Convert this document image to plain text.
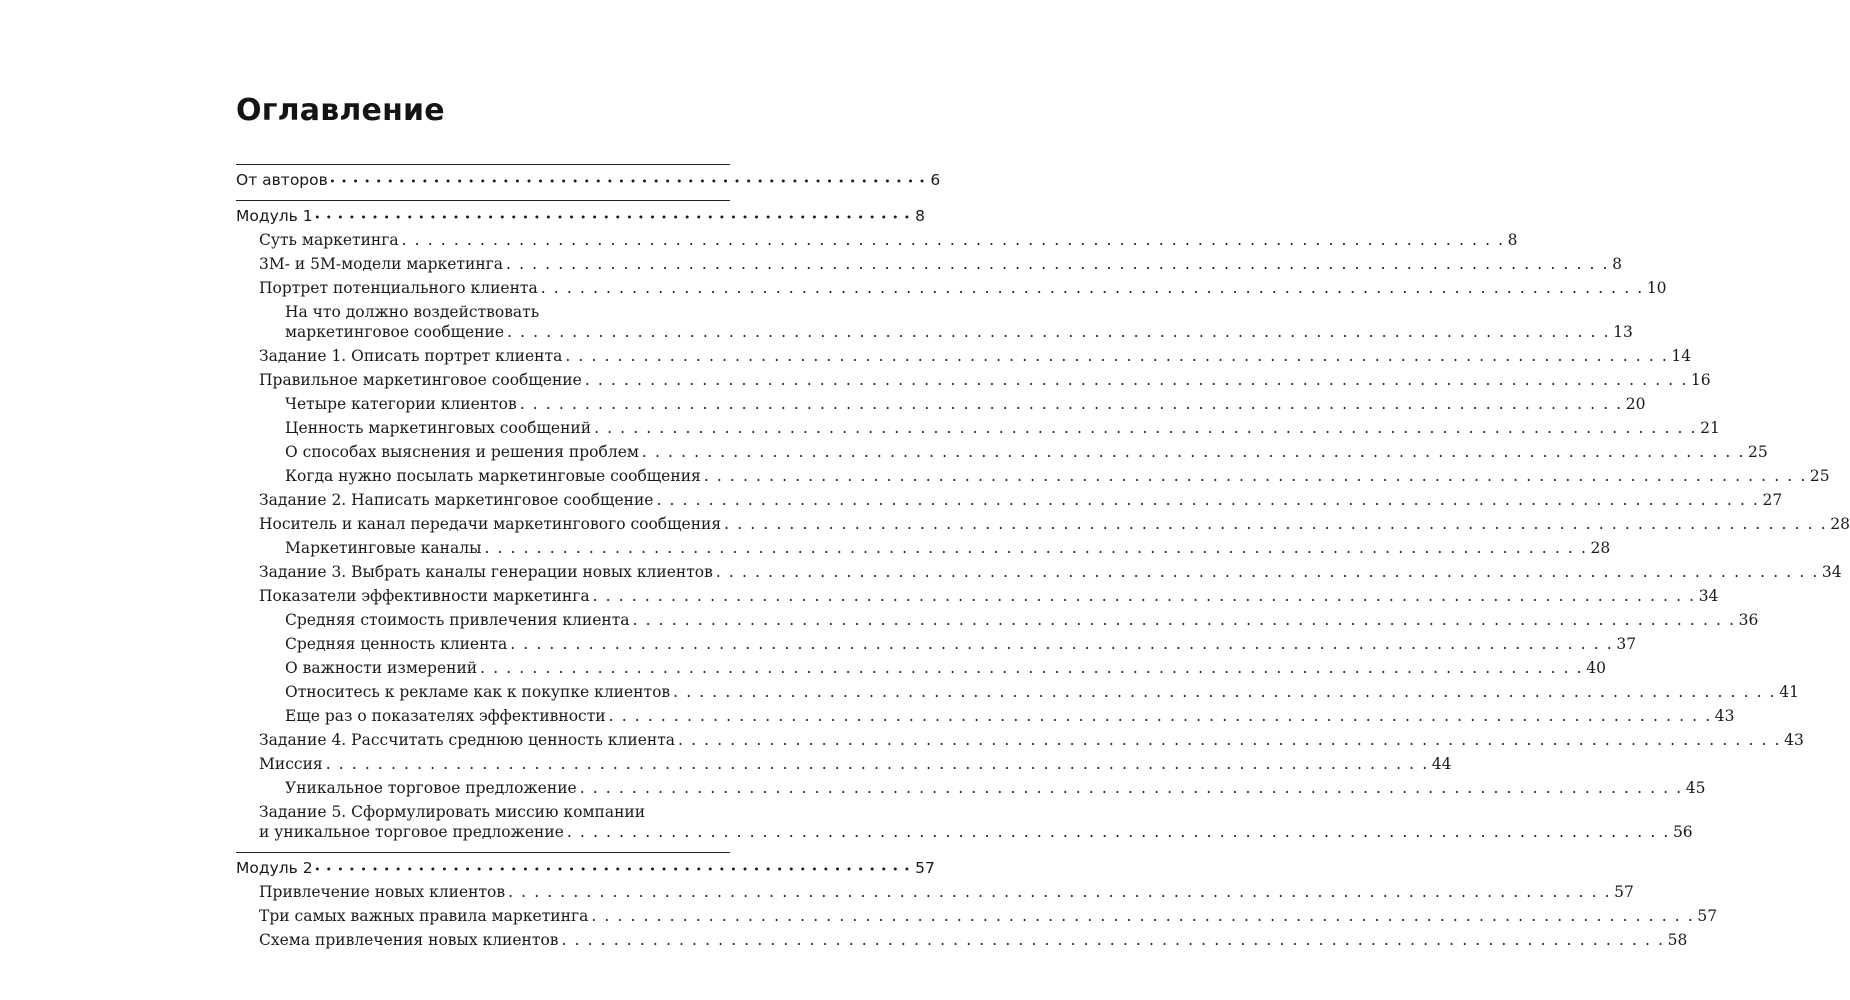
Оглавление
От авторов ● ● ● ● ● ● ● ● ● ● ● ● ● ● ● ● ● ● ● ● ● ● ● ● ● ● ● ● ● ● ● ● ● ● ● ● ● ● ● ● ● ● ● ● ● ● ● ● ● ● ● ●	6
Модуль 1 ● ● ● ● ● ● ● ● ● ● ● ● ● ● ● ● ● ● ● ● ● ● ● ● ● ● ● ● ● ● ● ● ● ● ● ● ● ● ● ● ● ● ● ● ● ● ● ● ● ● ● ●	8
Суть маркетинга . . .	8
3М- и 5М-модели маркетинга . . .	8
Портрет потенциального клиента . . .	10
На что должно воздействовать
маркетинговое сообщение . . .	13
Задание 1. Описать портрет клиента . . .	14
Правильное маркетинговое сообщение . . .	16
Четыре категории клиентов . . .	20
Ценность маркетинговых сообщений . . .	21
О способах выяснения и решения проблем . . .	25
Когда нужно посылать маркетинговые сообщения . . .	25
Задание 2. Написать маркетинговое сообщение . . .	27
Носитель и канал передачи маркетингового сообщения . . .	28
Маркетинговые каналы . . .	28
Задание 3. Выбрать каналы генерации новых клиентов . . .	34
Показатели эффективности маркетинга . . .	34
Средняя стоимость привлечения клиента . . .	36
Средняя ценность клиента . . .	37
О важности измерений . . .	40
Относитесь к рекламе как к покупке клиентов . . .	41
Еще раз о показателях эффективности . . .	43
Задание 4. Рассчитать среднюю ценность клиента . . .	43
Миссия . . .	44
Уникальное торговое предложение . . .	45
Задание 5. Сформулировать миссию компании
и уникальное торговое предложение . . .	56
Модуль 2 ● ● ● ● ● ● ● ● ● ● ● ● ● ● ● ● ● ● ● ● ● ● ● ● ● ● ● ● ● ● ● ● ● ● ● ● ● ● ● ● ● ● ● ● ● ● ● ● ● ● ● ●	57
Привлечение новых клиентов . . .	57
Три самых важных правила маркетинга . . .	57
Схема привлечения новых клиентов . . .	58
